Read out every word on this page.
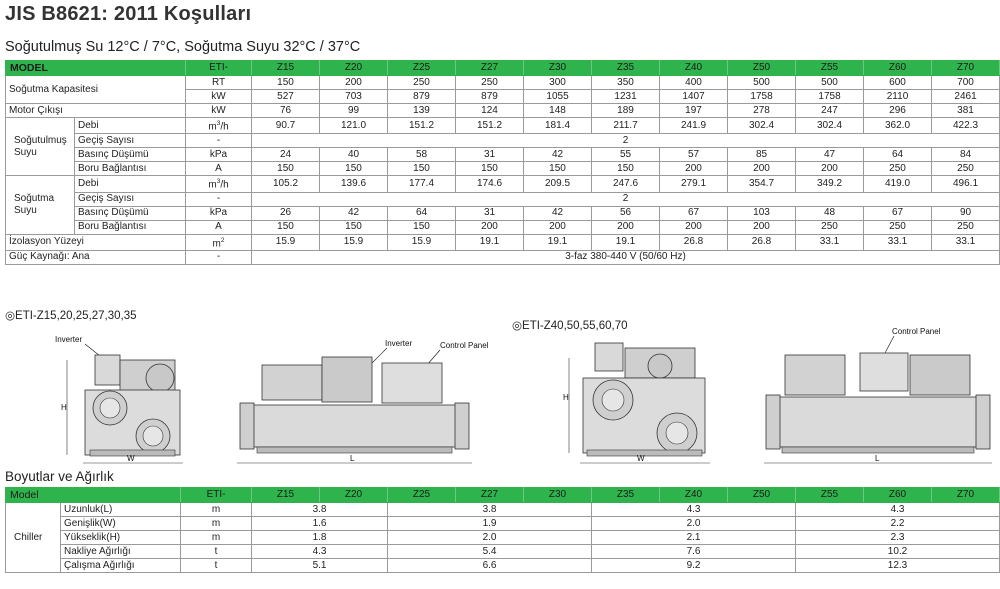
JIS B8621: 2011 Koşulları
Soğutulmuş Su 12°C / 7°C, Soğutma Suyu 32°C / 37°C
MODEL		ETI-	Z15	Z20	Z25	Z27	Z30	Z35	Z40	Z50	Z55	Z60	Z70
Soğutma Kapasitesi		RT	150	200	250	250	300	350	400	500	500	600	700
		kW	527	703	879	879	1055	1231	1407	1758	1758	2110	2461
Motor Çıkışı		kW	76	99	139	124	148	189	197	278	247	296	381
Soğutulmuş Suyu	Debi	$m^3/h$	90.7	121.0	151.2	151.2	181.4	211.7	241.9	302.4	302.4	362.0	422.3
	Geçiş Sayısı	-	2										
	Basınç Düşümü	kPa	24	40	58	31	42	55	57	85	47	64	84
	Boru Bağlantısı	A	150	150	150	150	150	150	200	200	200	250	250
Soğutma Suyu	Debi	$m^3/h$	105.2	139.6	177.4	174.6	209.5	247.6	279.1	354.7	349.2	419.0	496.1
	Geçiş Sayısı	-	2										
	Basınç Düşümü	kPa	26	42	64	31	42	56	67	103	48	67	90
	Boru Bağlantısı	A	150	150	150	200	200	200	200	200	250	250	250
İzolasyon Yüzeyi		$m^2$	15.9	15.9	15.9	19.1	19.1	19.1	26.8	26.8	33.1	33.1	33.1
Güç Kaynağı: Ana		-	3-faz 380-440 V (50/60 Hz)										
◎ETI-Z15,20,25,27,30,35
◎ETI-Z40,50,55,60,70
Inverter
H
W
Inverter	Control Panel
L
H
W
Control Panel
L
Boyutlar ve Ağırlık
Model		ETI-	Z15	Z20	Z25	Z27	Z30	Z35	Z40	Z50	Z55	Z60	Z70
Chiller	Uzunluk(L)	m	3.8		3.8			4.3			4.3		
	Genişlik(W)	m	1.6		1.9			2.0			2.2		
	Yükseklik(H)	m	1.8		2.0			2.1			2.3		
	Nakliye Ağırlığı	t	4.3		5.4			7.6			10.2		
	Çalışma Ağırlığı	t	5.1		6.6			9.2			12.3		
